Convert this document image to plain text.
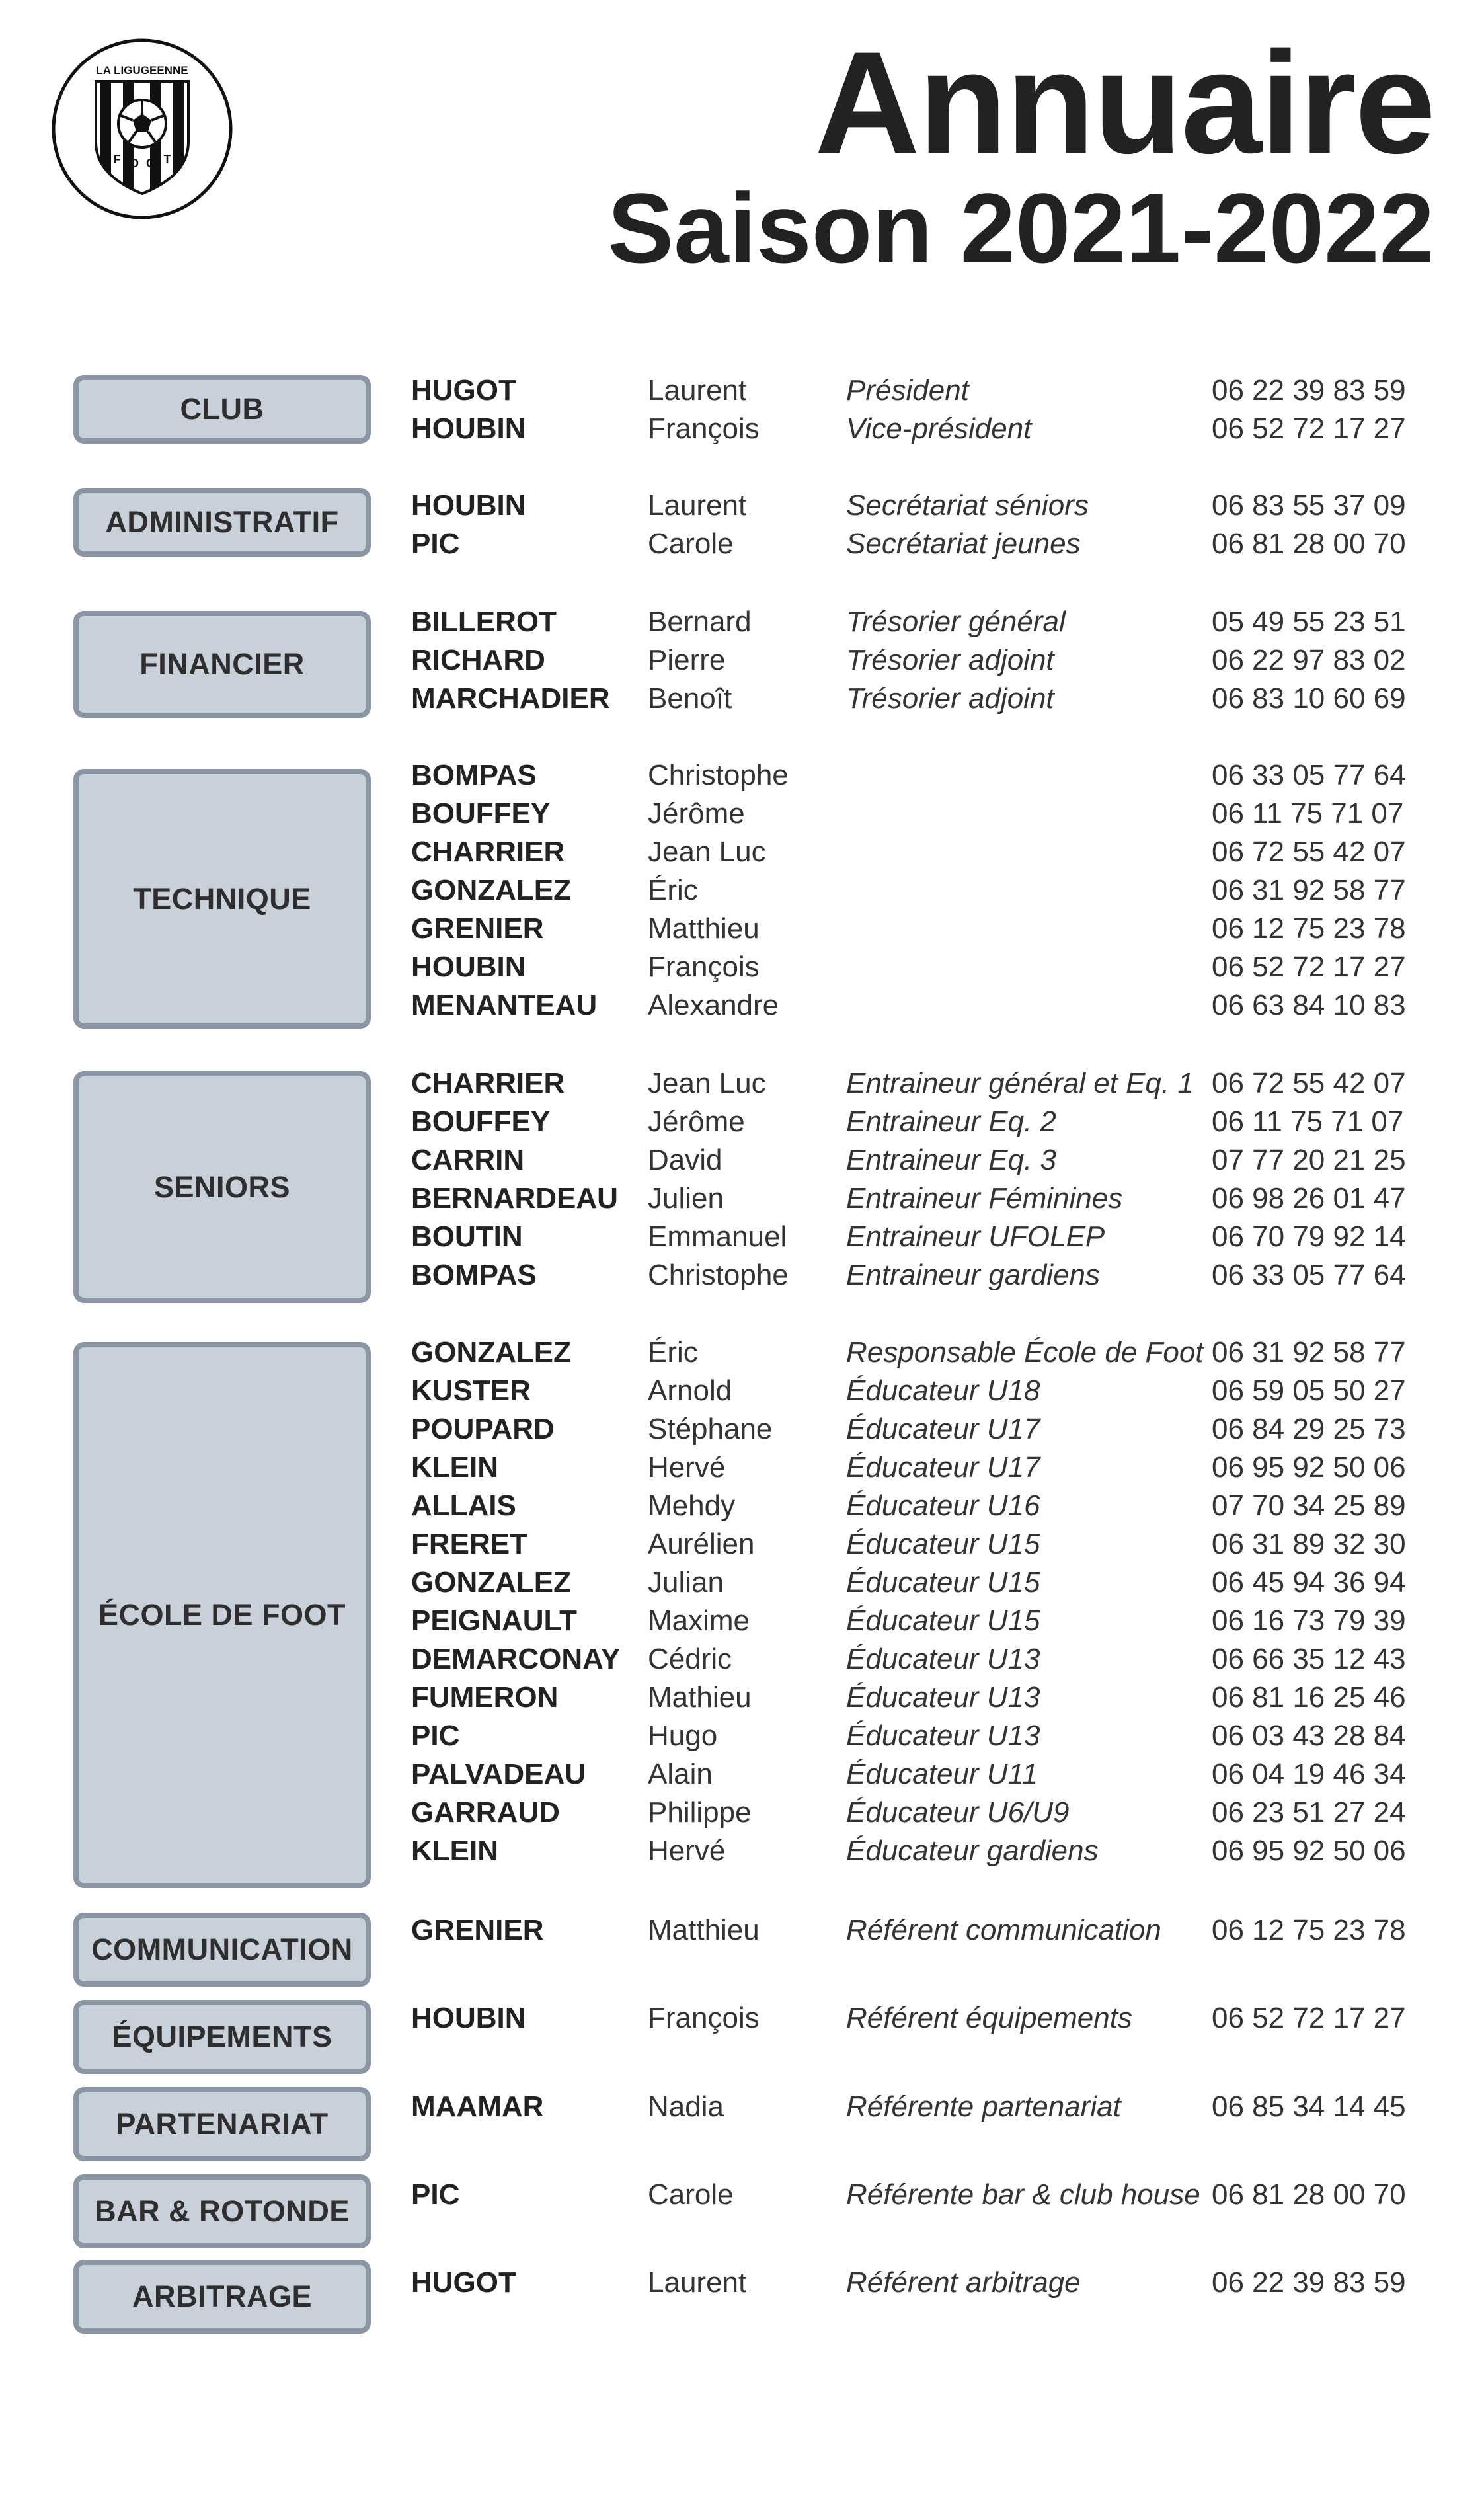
LA LIGUGEENNE
F O O T	Annuaire
Saison 2021-2022
CLUB
HUGOT	Laurent	Président	06 22 39 83 59
HOUBIN	François	Vice-président	06 52 72 17 27
ADMINISTRATIF	HOUBIN	Laurent	Secrétariat séniors	06 83 55 37 09
PIC	Carole	Secrétariat jeunes	06 81 28 00 70
FINANCIER
BILLEROT	Bernard	Trésorier général	05 49 55 23 51
RICHARD	Pierre	Trésorier adjoint	06 22 97 83 02
MARCHADIER Benoît	Trésorier adjoint	06 83 10 60 69
TECHNIQUE
BOMPAS	Christophe	06 33 05 77 64
BOUFFEY	Jérôme	06 11 75 71 07
CHARRIER	Jean Luc	06 72 55 42 07
GONZALEZ	Éric	06 31 92 58 77
GRENIER	Matthieu	06 12 75 23 78
HOUBIN	François	06 52 72 17 27
MENANTEAU Alexandre	06 63 84 10 83
SENIORS
CHARRIER	Jean Luc	Entraineur général et Eq. 1 06 72 55 42 07
BOUFFEY	Jérôme	Entraineur Eq. 2	06 11 75 71 07
CARRIN	David	Entraineur Eq. 3	07 77 20 21 25
BERNARDEAU Julien	Entraineur Féminines	06 98 26 01 47
BOUTIN	Emmanuel Entraineur UFOLEP	06 70 79 92 14
BOMPAS	Christophe Entraineur gardiens	06 33 05 77 64
ÉCOLE DE FOOT
GONZALEZ	Éric	Responsable École de Foot 06 31 92 58 77
KUSTER	Arnold	Éducateur U18	06 59 05 50 27
POUPARD	Stéphane	Éducateur U17	06 84 29 25 73
KLEIN	Hervé	Éducateur U17	06 95 92 50 06
ALLAIS	Mehdy	Éducateur U16	07 70 34 25 89
FRERET	Aurélien	Éducateur U15	06 31 89 32 30
GONZALEZ	Julian	Éducateur U15	06 45 94 36 94
PEIGNAULT Maxime	Éducateur U15	06 16 73 79 39
DEMARCONAY Cédric	Éducateur U13	06 66 35 12 43
FUMERON	Mathieu	Éducateur U13	06 81 16 25 46
PIC	Hugo	Éducateur U13	06 03 43 28 84
PALVADEAU Alain	Éducateur U11	06 04 19 46 34
GARRAUD	Philippe	Éducateur U6/U9	06 23 51 27 24
KLEIN	Hervé	Éducateur gardiens	06 95 92 50 06
COMMUNICATION
GRENIER	Matthieu	Référent communication 06 12 75 23 78
ÉQUIPEMENTS
HOUBIN	François	Référent équipements	06 52 72 17 27
PARTENARIAT
MAAMAR	Nadia	Référente partenariat	06 85 34 14 45
BAR & ROTONDE	PIC	Carole	Référente bar & club house 06 81 28 00 70
ARBITRAGE	HUGOT	Laurent	Référent arbitrage	06 22 39 83 59
